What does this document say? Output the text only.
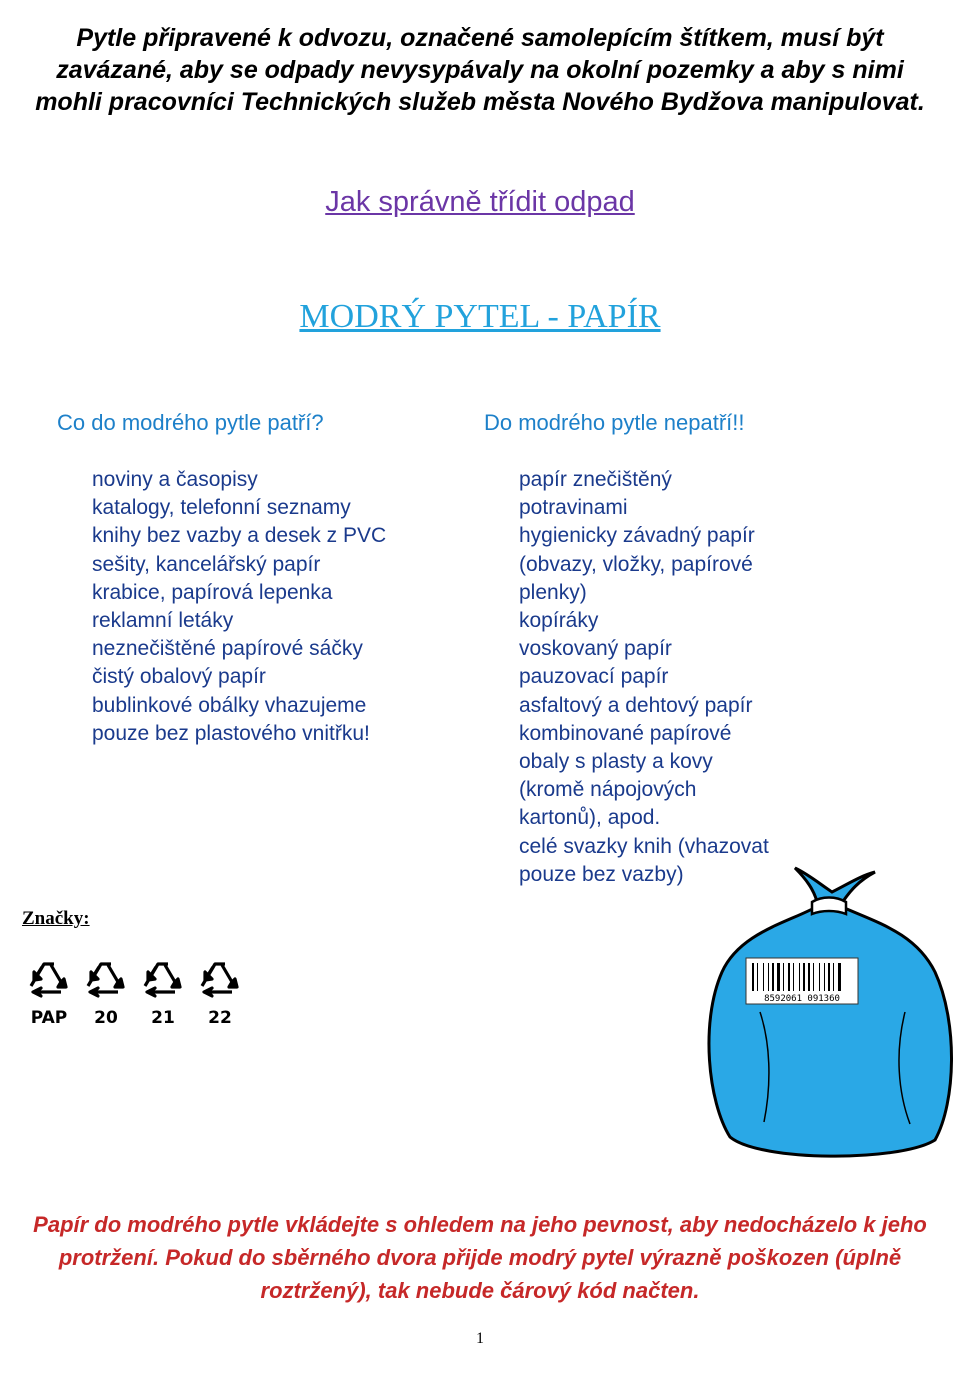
Pytle připravené k odvozu, označené samolepícím štítkem, musí být zavázané, aby se odpady nevysypávaly na okolní pozemky a aby s nimi mohli pracovníci Technických služeb města Nového Bydžova manipulovat.
Jak správně třídit odpad
MODRÝ PYTEL - PAPÍR
Co do modrého pytle patří?	Do modrého pytle nepatří!!
noviny a časopisy
katalogy, telefonní seznamy
knihy bez vazby a desek z PVC
sešity, kancelářský papír
krabice, papírová lepenka
reklamní letáky
neznečištěné papírové sáčky
čistý obalový papír
bublinkové obálky vhazujeme
pouze bez plastového vnitřku!
papír znečištěný
potravinami
hygienicky závadný papír
(obvazy, vložky, papírové
plenky)
kopíráky
voskovaný papír
pauzovací papír
asfaltový a dehtový papír
kombinované papírové
obaly s plasty a kovy
(kromě nápojových
kartonů), apod.
celé svazky knih (vhazovat
pouze bez vazby)
Značky:
PAP 20 21 22
8592061 091360
Papír do modrého pytle vkládejte s ohledem na jeho pevnost, aby nedocházelo k jeho protržení. Pokud do sběrného dvora přijde modrý pytel výrazně poškozen (úplně roztržený), tak nebude čárový kód načten.
1
